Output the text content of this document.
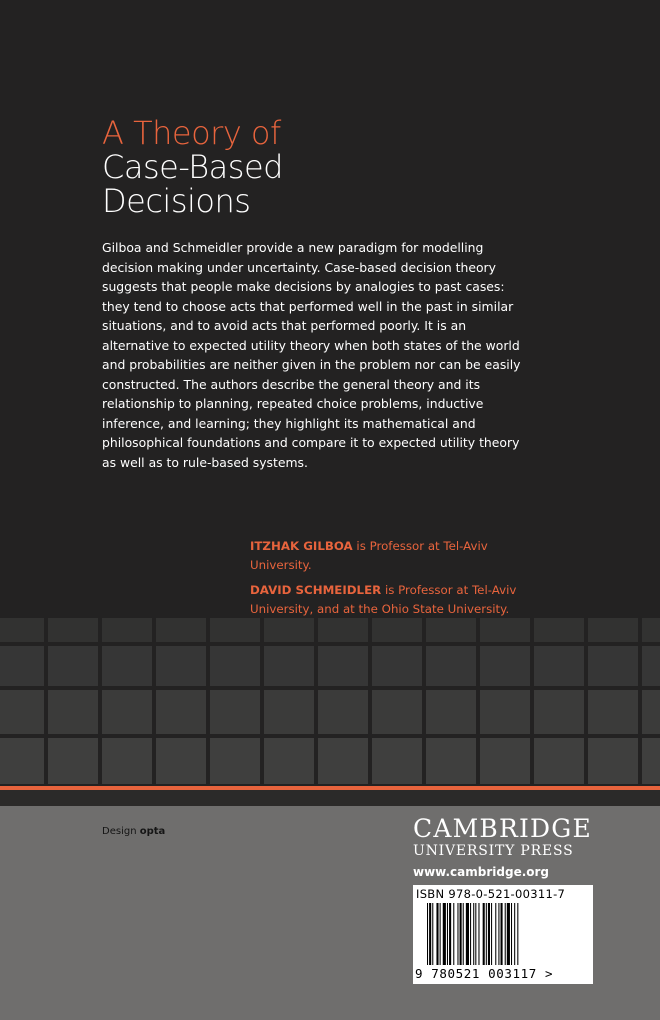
A Theory of
Case-Based
Decisions
Gilboa and Schmeidler provide a new paradigm for modelling decision making under uncertainty. Case-based decision theory suggests that people make decisions by analogies to past cases: they tend to choose acts that performed well in the past in similar situations, and to avoid acts that performed poorly. It is an alternative to expected utility theory when both states of the world and probabilities are neither given in the problem nor can be easily constructed. The authors describe the general theory and its relationship to planning, repeated choice problems, inductive inference, and learning; they highlight its mathematical and philosophical foundations and compare it to expected utility theory as well as to rule-based systems.

ITZHAK GILBOA is Professor at Tel-Aviv University.

DAVID SCHMEIDLER is Professor at Tel-Aviv University, and at the Ohio State University.

Design opta	CAMBRIDGE
UNIVERSITY PRESS
www.cambridge.org
ISBN 978-0-521-00311-7
9 780521 003117 >
